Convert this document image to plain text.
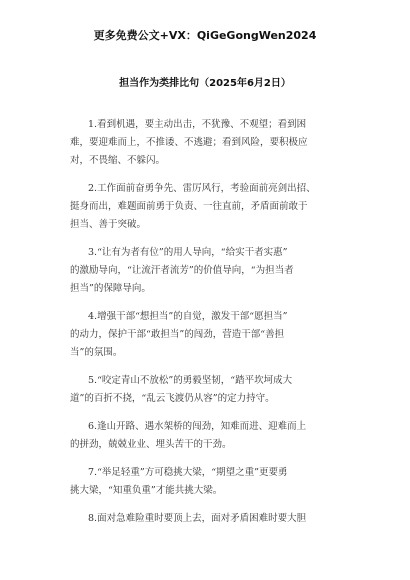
更多免费公文+VX：QiGeGongWen2024
担当作为类排比句（2025年6月2日）

1.看到机遇，要主动出击，不犹豫、不观望；看到困
难，要迎难而上，不推诿、不逃避；看到风险，要积极应
对，不畏缩、不躲闪。

2.工作面前奋勇争先、雷厉风行，考验面前亮剑出招、
挺身而出，难题面前勇于负责、一往直前，矛盾面前敢于
担当、善于突破。

3.“让有为者有位”的用人导向，“给实干者实惠”
的激励导向，“让流汗者流芳”的价值导向，“为担当者
担当”的保障导向。

4.增强干部“想担当”的自觉，激发干部“愿担当”
的动力，保护干部“敢担当”的闯劲，营造干部“善担
当”的氛围。

5.“咬定青山不放松”的勇毅坚韧，“踏平坎坷成大
道”的百折不挠，“乱云飞渡仍从容”的定力持守。

6.逢山开路、遇水架桥的闯劲，知难而进、迎难而上
的拼劲，兢兢业业、埋头苦干的干劲。

7.“举足轻重”方可稳挑大梁，“期望之重”更要勇
挑大梁，“知重负重”才能共挑大梁。

8.面对急难险重时要顶上去，面对矛盾困难时要大胆
